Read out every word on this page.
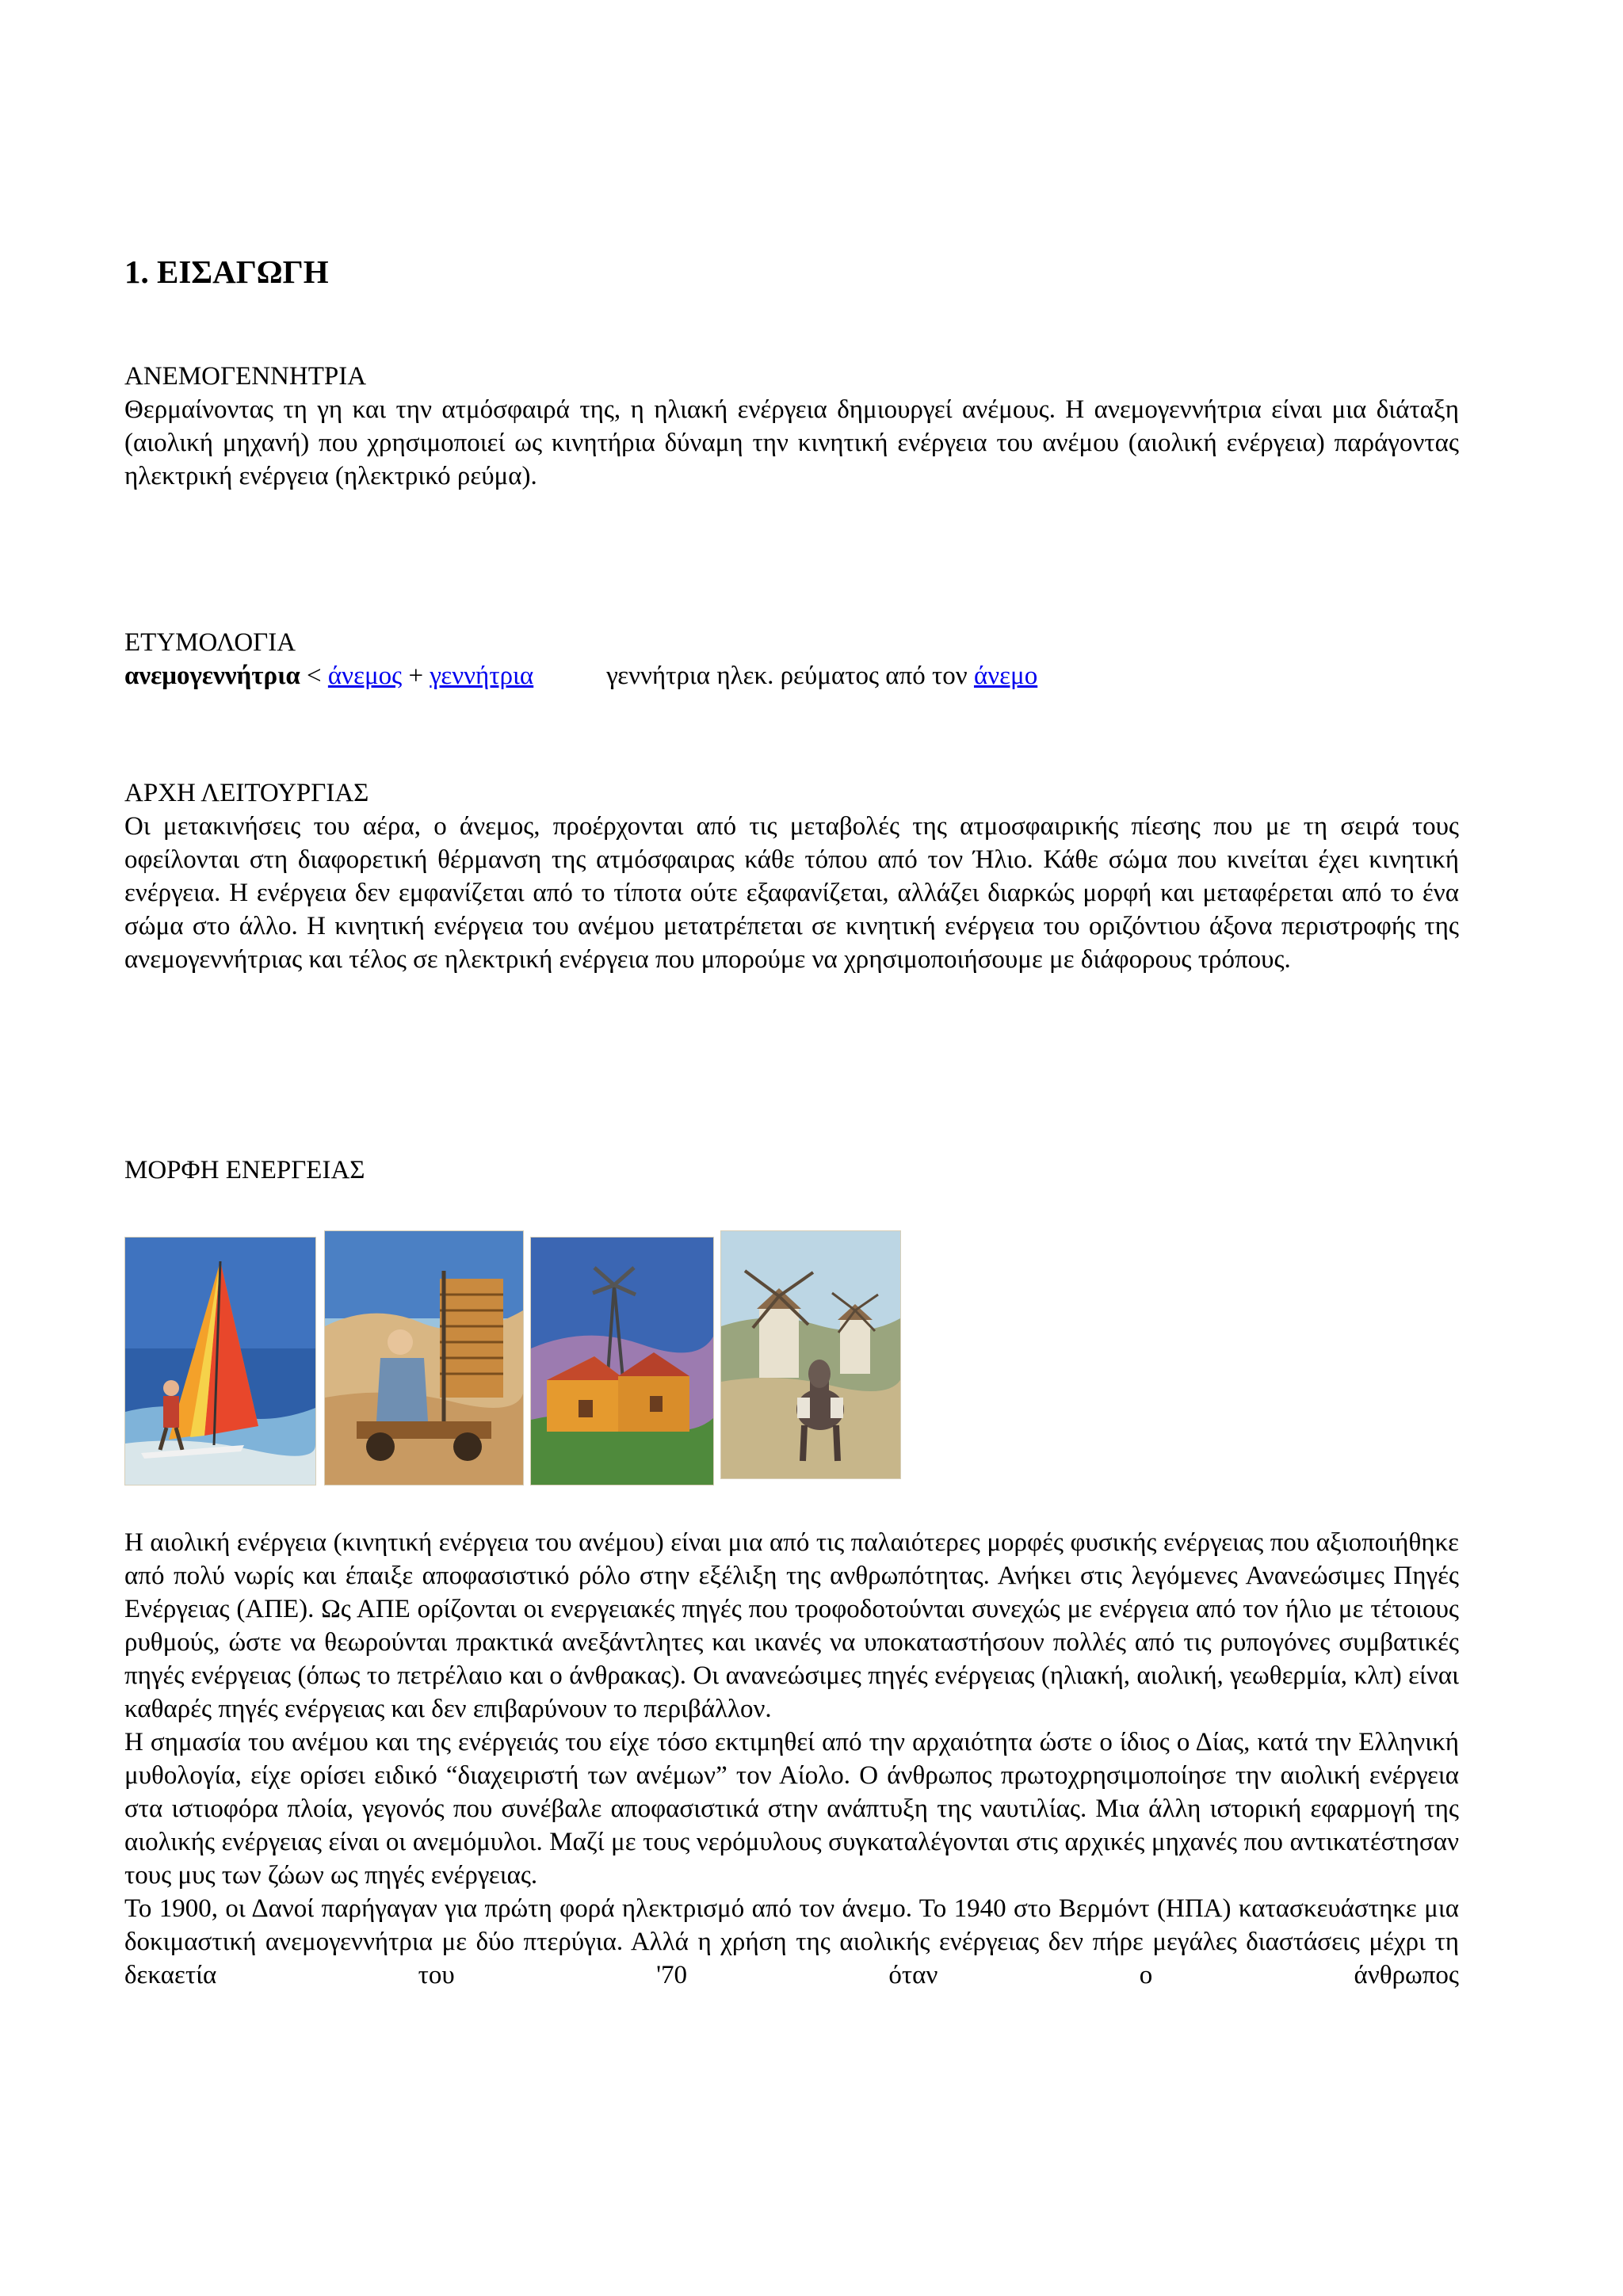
1. ΕΙΣΑΓΩΓΗ

ΑΝΕΜΟΓΕΝΝΗΤΡΙΑ

Θερμαίνοντας τη γη και την ατμόσφαιρά της, η ηλιακή ενέργεια δημιουργεί ανέμους. Η ανεμογεννήτρια είναι μια διάταξη (αιολική μηχανή) που χρησιμοποιεί ως κινητήρια δύναμη την κινητική ενέργεια του ανέμου (αιολική ενέργεια) παράγοντας ηλεκτρική ενέργεια (ηλεκτρικό ρεύμα).

ΕΤΥΜΟΛΟΓΙΑ

ανεμογεννήτρια < άνεμος + γεννήτρια	γεννήτρια ηλεκ. ρεύματος από τον άνεμο

ΑΡΧΗ ΛΕΙΤΟΥΡΓΙΑΣ

Οι μετακινήσεις του αέρα, ο άνεμος, προέρχονται από τις μεταβολές της ατμοσφαιρικής πίεσης που με τη σειρά τους οφείλονται στη διαφορετική θέρμανση της ατμόσφαιρας κάθε τόπου από τον Ήλιο. Κάθε σώμα που κινείται έχει κινητική ενέργεια. Η ενέργεια δεν εμφανίζεται από το τίποτα ούτε εξαφανίζεται, αλλάζει διαρκώς μορφή και μεταφέρεται από το ένα σώμα στο άλλο. Η κινητική ενέργεια του ανέμου μετατρέπεται σε κινητική ενέργεια του οριζόντιου άξονα περιστροφής της ανεμογεννήτριας και τέλος σε ηλεκτρική ενέργεια που μπορούμε να χρησιμοποιήσουμε με διάφορους τρόπους.

ΜΟΡΦΗ ΕΝΕΡΓΕΙΑΣ

Η αιολική ενέργεια (κινητική ενέργεια του ανέμου) είναι μια από τις παλαιότερες μορφές φυσικής ενέργειας που αξιοποιήθηκε από πολύ νωρίς και έπαιξε αποφασιστικό ρόλο στην εξέλιξη της ανθρωπότητας. Ανήκει στις λεγόμενες Ανανεώσιμες Πηγές Ενέργειας (ΑΠΕ). Ως ΑΠΕ ορίζονται οι ενεργειακές πηγές που τροφοδοτούνται συνεχώς με ενέργεια από τον ήλιο με τέτοιους ρυθμούς, ώστε να θεωρούνται πρακτικά ανεξάντλητες και ικανές να υποκαταστήσουν πολλές από τις ρυπογόνες συμβατικές πηγές ενέργειας (όπως το πετρέλαιο και ο άνθρακας). Οι ανανεώσιμες πηγές ενέργειας (ηλιακή, αιολική, γεωθερμία, κλπ) είναι καθαρές πηγές ενέργειας και δεν επιβαρύνουν το περιβάλλον.

Η σημασία του ανέμου και της ενέργειάς του είχε τόσο εκτιμηθεί από την αρχαιότητα ώστε ο ίδιος ο Δίας, κατά την Ελληνική μυθολογία, είχε ορίσει ειδικό “διαχειριστή των ανέμων” τον Αίολο. Ο άνθρωπος πρωτοχρησιμοποίησε την αιολική ενέργεια στα ιστιοφόρα πλοία, γεγονός που συνέβαλε αποφασιστικά στην ανάπτυξη της ναυτιλίας. Μια άλλη ιστορική εφαρμογή της αιολικής ενέργειας είναι οι ανεμόμυλοι. Μαζί με τους νερόμυλους συγκαταλέγονται στις αρχικές μηχανές που αντικατέστησαν τους μυς των ζώων ως πηγές ενέργειας.

Το 1900, οι Δανοί παρήγαγαν για πρώτη φορά ηλεκτρισμό από τον άνεμο. Το 1940 στο Βερμόντ (ΗΠΑ) κατασκευάστηκε μια δοκιμαστική ανεμογεννήτρια με δύο πτερύγια. Αλλά η χρήση της αιολικής ενέργειας δεν πήρε μεγάλες διαστάσεις μέχρι τη δεκαετία του '70 όταν ο άνθρωπος
